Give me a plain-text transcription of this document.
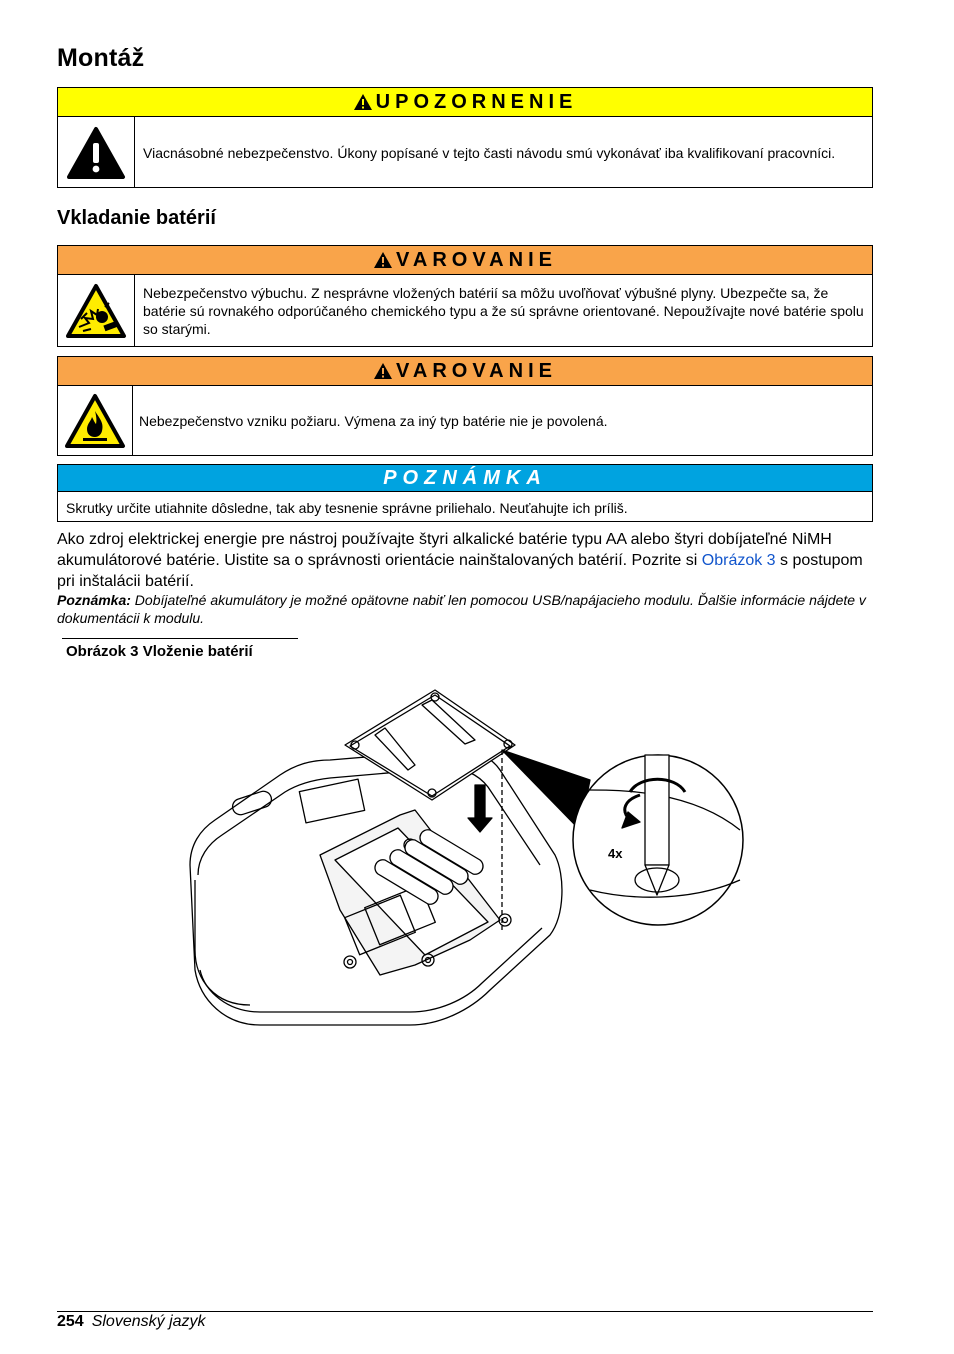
Montáž
UPOZORNENIE
Viacnásobné nebezpečenstvo. Úkony popísané v tejto časti návodu smú vykonávať iba kvalifikovaní pracovníci.
Vkladanie batérií
VAROVANIE
Nebezpečenstvo výbuchu. Z nesprávne vložených batérií sa môžu uvoľňovať výbušné plyny. Ubezpečte sa, že batérie sú rovnakého odporúčaného chemického typu a že sú správne orientované. Nepoužívajte nové batérie spolu so starými.
VAROVANIE
Nebezpečenstvo vzniku požiaru. Výmena za iný typ batérie nie je povolená.
POZNÁMKA
Skrutky určite utiahnite dôsledne, tak aby tesnenie správne priliehalo. Neuťahujte ich príliš.
Ako zdroj elektrickej energie pre nástroj používajte štyri alkalické batérie typu AA alebo štyri dobíjateľné NiMH akumulátorové batérie. Uistite sa o správnosti orientácie nainštalovaných batérií. Pozrite si Obrázok 3 s postupom pri inštalácii batérií.
Poznámka: Dobíjateľné akumulátory je možné opätovne nabiť len pomocou USB/napájacieho modulu. Ďalšie informácie nájdete v dokumentácii k modulu.
Obrázok 3 Vloženie batérií
4x
254 Slovenský jazyk
